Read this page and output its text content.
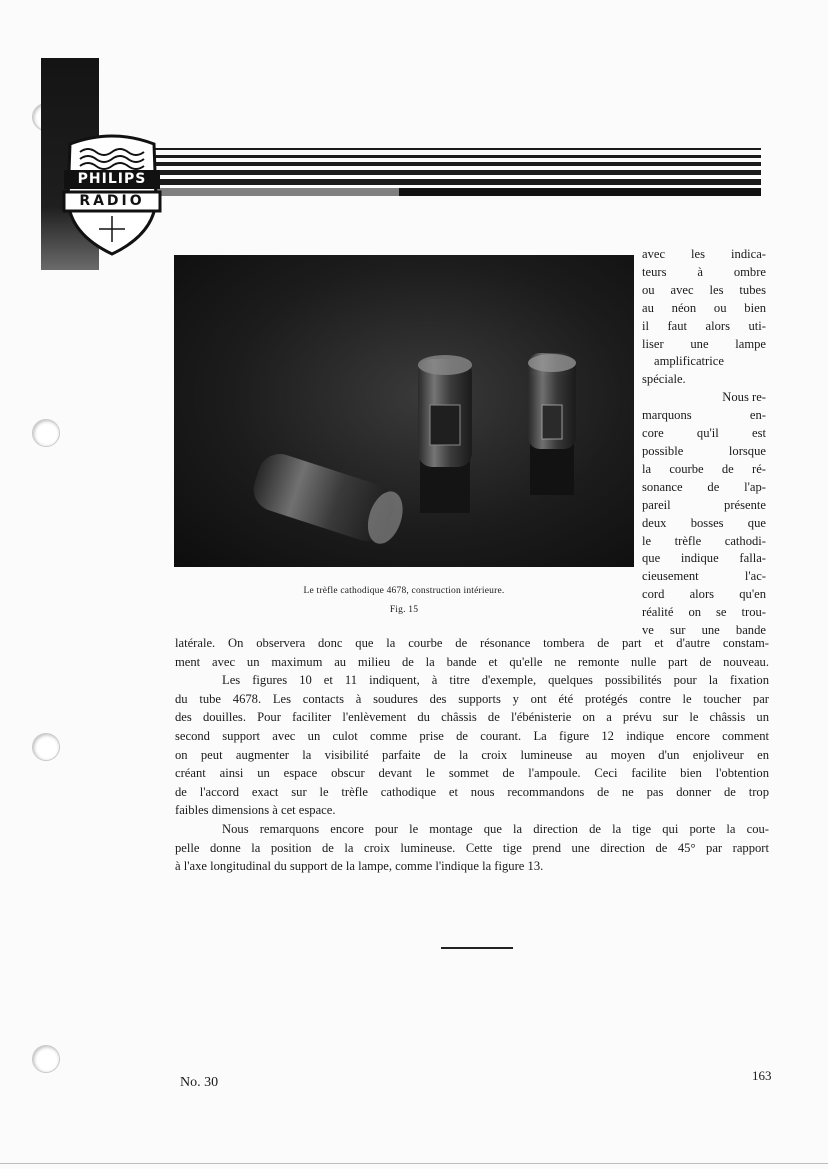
PHILIPS
RADIO
Le trèfle cathodique 4678, construction intérieure.
Fig. 15
avec les indica-
teurs à ombre
ou avec les tubes
au néon ou bien
il faut alors uti-
liser une lampe
amplificatrice
spéciale.
Nous re-
marquons en-
core qu'il est
possible lorsque
la courbe de ré-
sonance de l'ap-
pareil présente
deux bosses que
le trèfle cathodi-
que indique falla-
cieusement l'ac-
cord alors qu'en
réalité on se trou-
ve sur une bande
latérale. On observera donc que la courbe de résonance tombera de part et d'autre constam-
ment avec un maximum au milieu de la bande et qu'elle ne remonte nulle part de nouveau.
Les figures 10 et 11 indiquent, à titre d'exemple, quelques possibilités pour la fixation
du tube 4678. Les contacts à soudures des supports y ont été protégés contre le toucher par
des douilles. Pour faciliter l'enlèvement du châssis de l'ébénisterie on a prévu sur le châssis un
second support avec un culot comme prise de courant. La figure 12 indique encore comment
on peut augmenter la visibilité parfaite de la croix lumineuse au moyen d'un enjoliveur en
créant ainsi un espace obscur devant le sommet de l'ampoule. Ceci facilite bien l'obtention
de l'accord exact sur le trèfle cathodique et nous recommandons de ne pas donner de trop
faibles dimensions à cet espace.
Nous remarquons encore pour le montage que la direction de la tige qui porte la cou-
pelle donne la position de la croix lumineuse. Cette tige prend une direction de 45° par rapport
à l'axe longitudinal du support de la lampe, comme l'indique la figure 13.
No. 30	163
